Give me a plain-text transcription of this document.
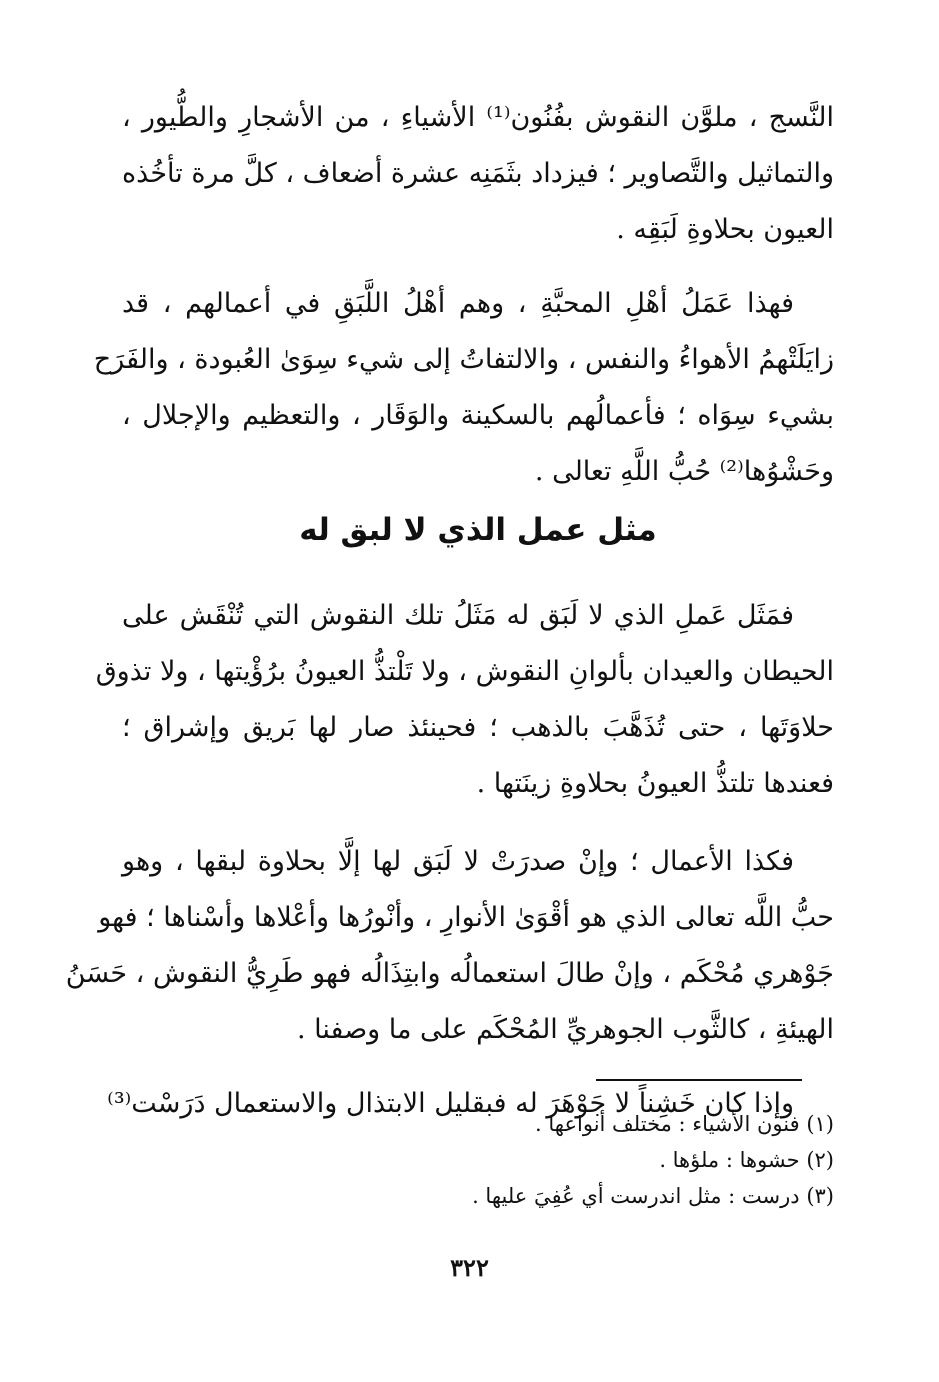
النَّسج ، ملوَّن النقوش بفُنُون⁽¹⁾ الأشياءِ ، من الأشجارِ والطُّيور ،
والتماثيل والتَّصاوير ؛ فيزداد بثَمَنِه عشرة أضعاف ، كلَّ مرة تأخُذه
العيون بحلاوةِ لَبَقِه .

فهذا عَمَلُ أهْلِ المحبَّةِ ، وهم أهْلُ اللَّبَقِ في أعمالهم ، قد
زايَلَتْهمُ الأهواءُ والنفس ، والالتفاتُ إلى شيء سِوَىٰ العُبودة ، والفَرَح
بشيء سِوَاه ؛ فأعمالُهم بالسكينة والوَقَار ، والتعظيم والإجلال ،
وحَشْوُها⁽²⁾ حُبُّ اللَّهِ تعالى .

مثل عمل الذي لا لبق له

فمَثَل عَملِ الذي لا لَبَق له مَثَلُ تلك النقوش التي تُنْقَش على
الحيطان والعيدان بألوانِ النقوش ، ولا تَلْتذُّ العيونُ برُؤْيتها ، ولا تذوق
حلاوَتَها ، حتى تُذَهَّبَ بالذهب ؛ فحينئذ صار لها بَريق وإشراق ؛
فعندها تلتذُّ العيونُ بحلاوةِ زينَتها .

فكذا الأعمال ؛ وإنْ صدرَتْ لا لَبَق لها إلَّا بحلاوة لبقها ، وهو
حبُّ اللَّه تعالى الذي هو أقْوَىٰ الأنوارِ ، وأنْورُها وأعْلاها وأسْناها ؛ فهو
جَوْهري مُحْكَم ، وإنْ طالَ استعمالُه وابتِذَالُه فهو طَرِيُّ النقوش ، حَسَنُ
الهيئةِ ، كالثَّوب الجوهريِّ المُحْكَم على ما وصفنا .

وإذا كان خَشِناً لا جَوْهَرَ له فبقليل الابتذال والاستعمال دَرَسْت⁽³⁾

(١) فنون الأشياء : مختلف أنواعها .
(٢) حشوها : ملؤها .
(٣) درست : مثل اندرست أي عُفِيَ عليها .
٣٢٢
